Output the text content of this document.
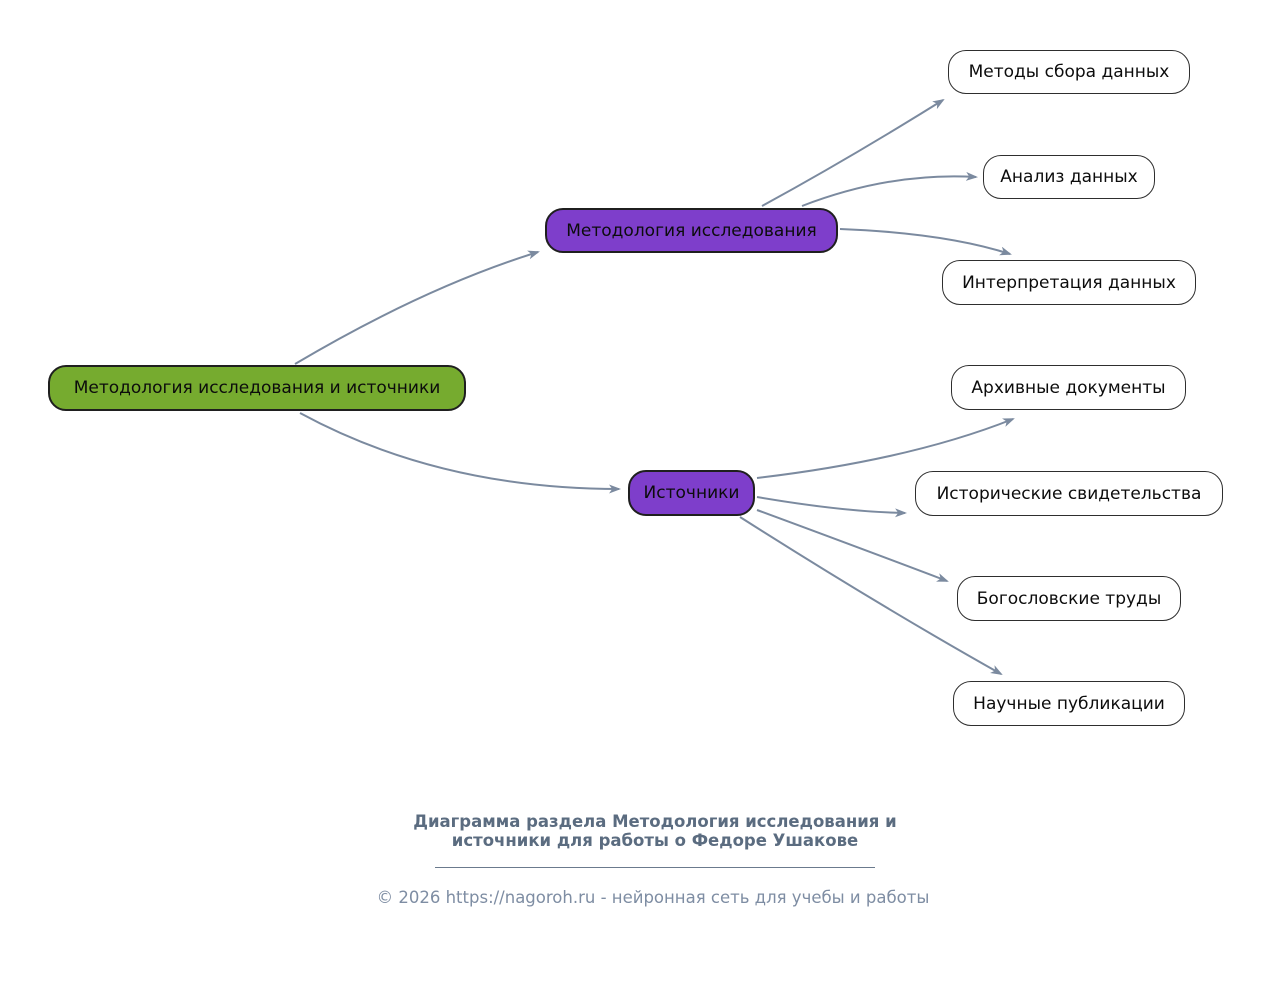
Методология исследования и источники
Методология исследования
Источники
Методы сбора данных
Анализ данных
Интерпретация данных
Архивные документы
Исторические свидетельства
Богословские труды
Научные публикации
Диаграмма раздела Методология исследования и
источники для работы о Федоре Ушакове
© 2026 https://nagoroh.ru - нейронная сеть для учебы и работы
